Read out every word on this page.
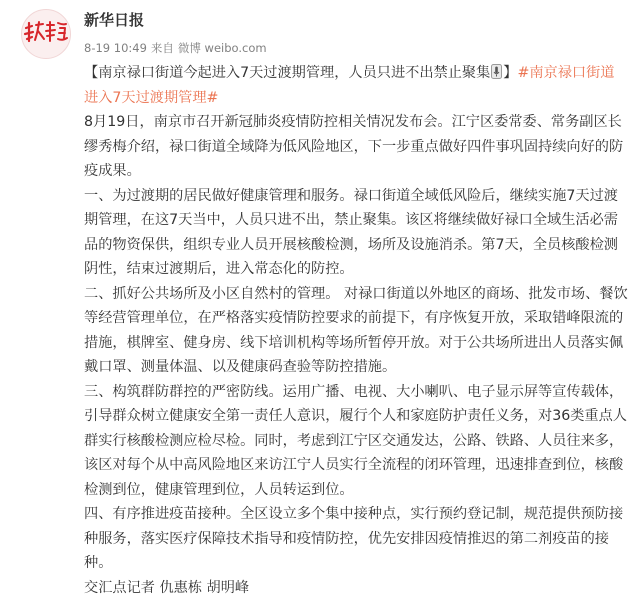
新华日报
8-19 10:49 来自 微博 weibo.com

【南京禄口街道今起进入7天过渡期管理，人员只进不出禁止聚集 】#南京禄口街道进入7天过渡期管理#

8月19日，南京市召开新冠肺炎疫情防控相关情况发布会。江宁区委常委、常务副区长缪秀梅介绍，禄口街道全域降为低风险地区，下一步重点做好四件事巩固持续向好的防疫成果。

一、为过渡期的居民做好健康管理和服务。禄口街道全域低风险后，继续实施7天过渡期管理，在这7天当中，人员只进不出，禁止聚集。该区将继续做好禄口全域生活必需品的物资保供，组织专业人员开展核酸检测，场所及设施消杀。第7天，全员核酸检测阴性，结束过渡期后，进入常态化的防控。

二、抓好公共场所及小区自然村的管理。 对禄口街道以外地区的商场、批发市场、餐饮等经营管理单位，在严格落实疫情防控要求的前提下，有序恢复开放，采取错峰限流的措施，棋牌室、健身房、线下培训机构等场所暂停开放。对于公共场所进出人员落实佩戴口罩、测量体温、以及健康码查验等防控措施。

三、构筑群防群控的严密防线。运用广播、电视、大小喇叭、电子显示屏等宣传载体，引导群众树立健康安全第一责任人意识，履行个人和家庭防护责任义务，对36类重点人群实行核酸检测应检尽检。同时，考虑到江宁区交通发达，公路、铁路、人员往来多，该区对每个从中高风险地区来访江宁人员实行全流程的闭环管理，迅速排查到位，核酸检测到位，健康管理到位，人员转运到位。

四、有序推进疫苗接种。全区设立多个集中接种点，实行预约登记制，规范提供预防接种服务，落实医疗保障技术指导和疫情防控，优先安排因疫情推迟的第二剂疫苗的接种。

交汇点记者 仇惠栋 胡明峰
